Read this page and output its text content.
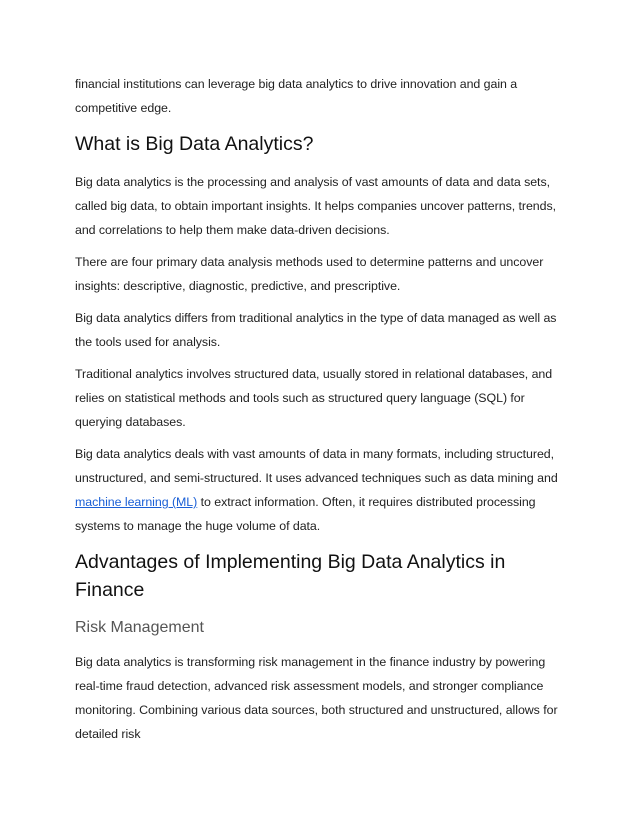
financial institutions can leverage big data analytics to drive innovation and gain a competitive edge.

What is Big Data Analytics?

Big data analytics is the processing and analysis of vast amounts of data and data sets, called big data, to obtain important insights. It helps companies uncover patterns, trends, and correlations to help them make data-driven decisions.

There are four primary data analysis methods used to determine patterns and uncover insights: descriptive, diagnostic, predictive, and prescriptive.

Big data analytics differs from traditional analytics in the type of data managed as well as the tools used for analysis.

Traditional analytics involves structured data, usually stored in relational databases, and relies on statistical methods and tools such as structured query language (SQL) for querying databases.

Big data analytics deals with vast amounts of data in many formats, including structured, unstructured, and semi-structured. It uses advanced techniques such as data mining and machine learning (ML) to extract information. Often, it requires distributed processing systems to manage the huge volume of data.

Advantages of Implementing Big Data Analytics in Finance
Risk Management

Big data analytics is transforming risk management in the finance industry by powering real-time fraud detection, advanced risk assessment models, and stronger compliance monitoring. Combining various data sources, both structured and unstructured, allows for detailed risk
